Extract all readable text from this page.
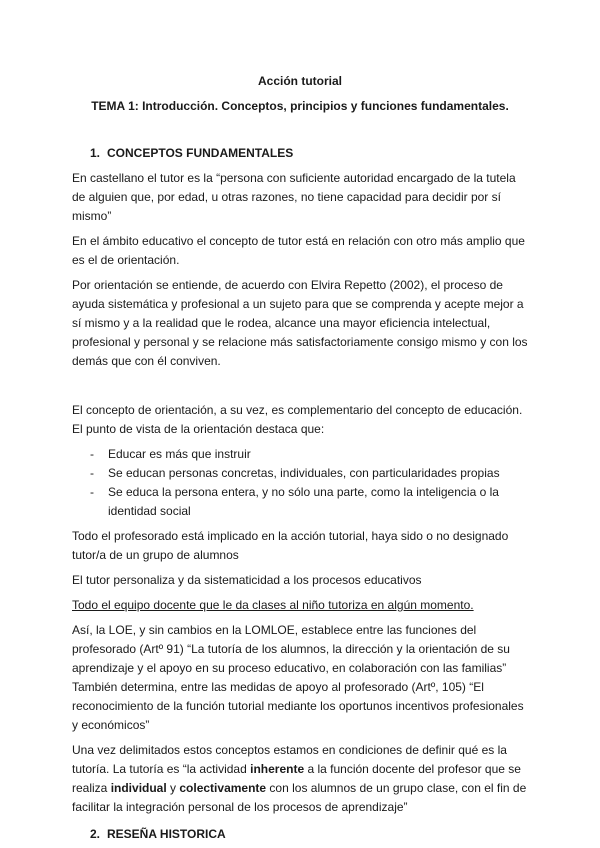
Acción tutorial

TEMA 1: Introducción. Conceptos, principios y funciones fundamentales.

1. CONCEPTOS FUNDAMENTALES

En castellano el tutor es la “persona con suficiente autoridad encargado de la tutela de alguien que, por edad, u otras razones, no tiene capacidad para decidir por sí mismo”

En el ámbito educativo el concepto de tutor está en relación con otro más amplio que es el de orientación.

Por orientación se entiende, de acuerdo con Elvira Repetto (2002), el proceso de ayuda sistemática y profesional a un sujeto para que se comprenda y acepte mejor a sí mismo y a la realidad que le rodea, alcance una mayor eficiencia intelectual, profesional y personal y se relacione más satisfactoriamente consigo mismo y con los demás que con él conviven.

El concepto de orientación, a su vez, es complementario del concepto de educación. El punto de vista de la orientación destaca que:

- Educar es más que instruir
- Se educan personas concretas, individuales, con particularidades propias
- Se educa la persona entera, y no sólo una parte, como la inteligencia o la identidad social

Todo el profesorado está implicado en la acción tutorial, haya sido o no designado tutor/a de un grupo de alumnos

El tutor personaliza y da sistematicidad a los procesos educativos

Todo el equipo docente que le da clases al niño tutoriza en algún momento.

Así, la LOE, y sin cambios en la LOMLOE, establece entre las funciones del profesorado (Artº 91) “La tutoría de los alumnos, la dirección y la orientación de su aprendizaje y el apoyo en su proceso educativo, en colaboración con las familias” También determina, entre las medidas de apoyo al profesorado (Artº, 105) “El reconocimiento de la función tutorial mediante los oportunos incentivos profesionales y económicos”

Una vez delimitados estos conceptos estamos en condiciones de definir qué es la tutoría. La tutoría es “la actividad inherente a la función docente del profesor que se realiza individual y colectivamente con los alumnos de un grupo clase, con el fin de facilitar la integración personal de los procesos de aprendizaje”

2. RESEÑA HISTORICA
